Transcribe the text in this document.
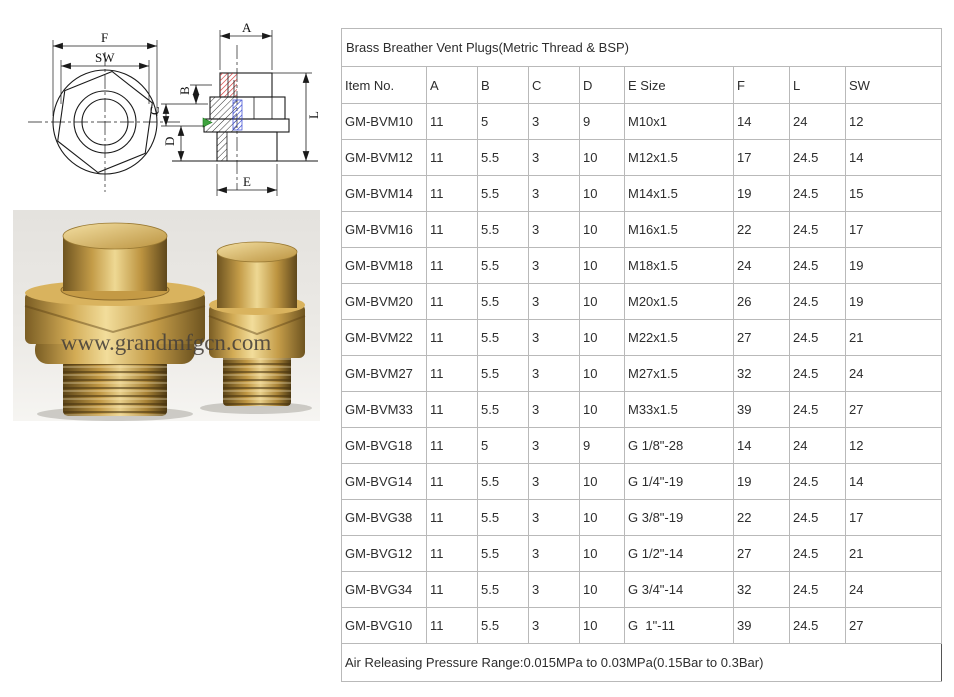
F
SW
A
B
C
D
L
E
www.grandmfgcn.com
Brass Breather Vent Plugs(Metric Thread & BSP)								
Item No.	A	B	C	D	E Size	F	L	SW
GM-BVM10	11	5	3	9	M10x1	14	24	12
GM-BVM12	11	5.5	3	10	M12x1.5	17	24.5	14
GM-BVM14	11	5.5	3	10	M14x1.5	19	24.5	15
GM-BVM16	11	5.5	3	10	M16x1.5	22	24.5	17
GM-BVM18	11	5.5	3	10	M18x1.5	24	24.5	19
GM-BVM20	11	5.5	3	10	M20x1.5	26	24.5	19
GM-BVM22	11	5.5	3	10	M22x1.5	27	24.5	21
GM-BVM27	11	5.5	3	10	M27x1.5	32	24.5	24
GM-BVM33	11	5.5	3	10	M33x1.5	39	24.5	27
GM-BVG18	11	5	3	9	G 1/8"-28	14	24	12
GM-BVG14	11	5.5	3	10	G 1/4"-19	19	24.5	14
GM-BVG38	11	5.5	3	10	G 3/8"-19	22	24.5	17
GM-BVG12	11	5.5	3	10	G 1/2"-14	27	24.5	21
GM-BVG34	11	5.5	3	10	G 3/4"-14	32	24.5	24
GM-BVG10	11	5.5	3	10	G  1"-11	39	24.5	27
Air Releasing Pressure Range:0.015MPa to 0.03MPa(0.15Bar to 0.3Bar)								
